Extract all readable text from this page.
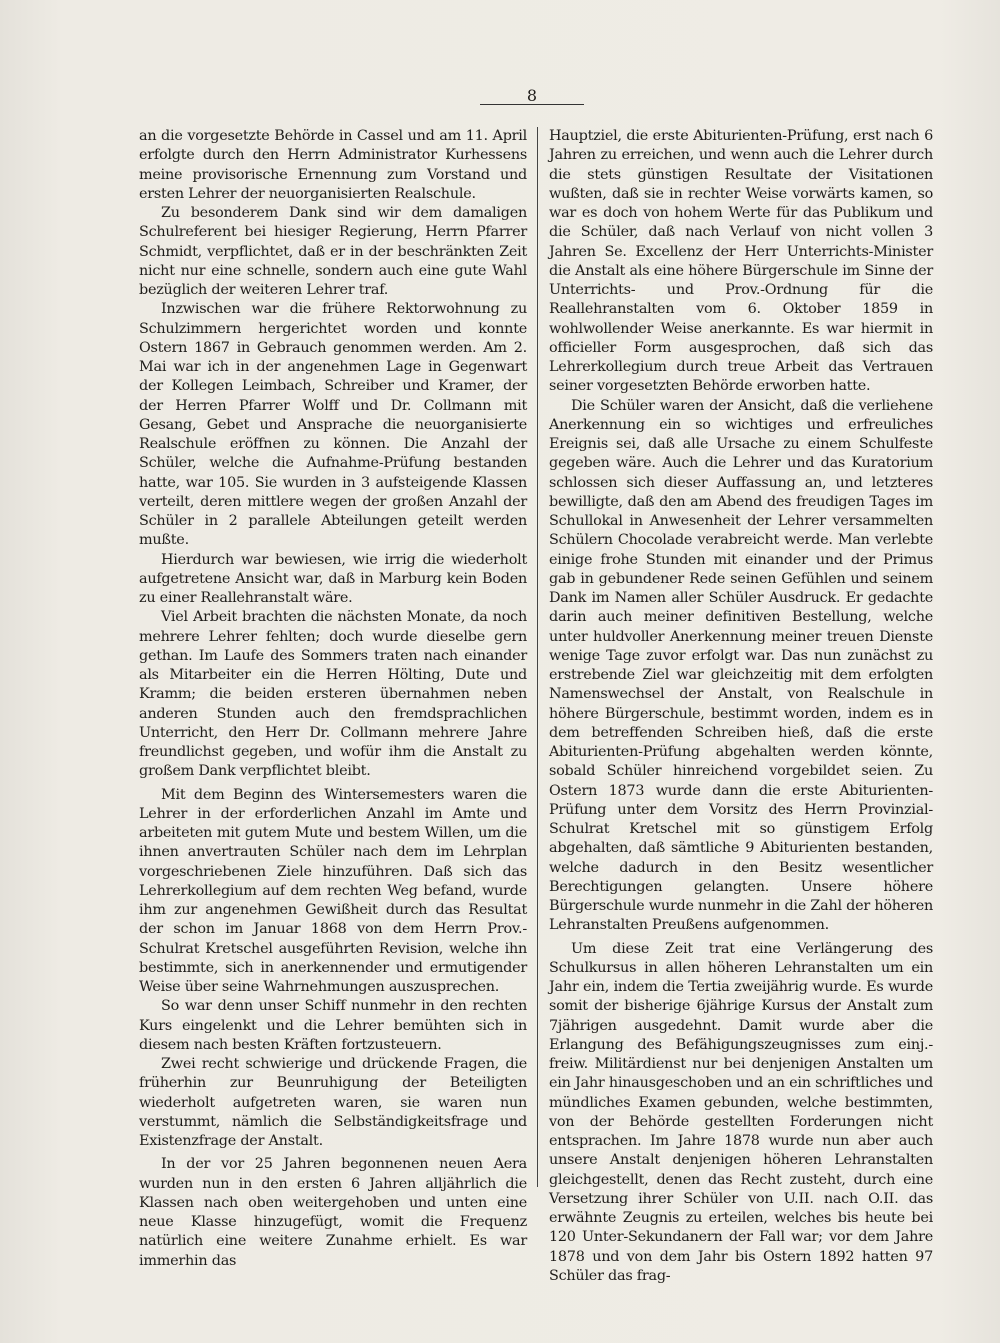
8

an die vorgesetzte Behörde in Cassel und am 11. April erfolgte durch den Herrn Administrator Kurhessens meine provisorische Ernennung zum Vorstand und ersten Lehrer der neuorganisierten Realschule.

Zu besonderem Dank sind wir dem damaligen Schulreferent bei hiesiger Regierung, Herrn Pfarrer Schmidt, verpflichtet, daß er in der beschränkten Zeit nicht nur eine schnelle, sondern auch eine gute Wahl bezüglich der weiteren Lehrer traf.

Inzwischen war die frühere Rektorwohnung zu Schulzimmern hergerichtet worden und konnte Ostern 1867 in Gebrauch genommen werden. Am 2. Mai war ich in der angenehmen Lage in Gegenwart der Kollegen Leimbach, Schreiber und Kramer, der der Herren Pfarrer Wolff und Dr. Collmann mit Gesang, Gebet und Ansprache die neuorganisierte Realschule eröffnen zu können. Die Anzahl der Schüler, welche die Aufnahme-Prüfung bestanden hatte, war 105. Sie wurden in 3 aufsteigende Klassen verteilt, deren mittlere wegen der großen Anzahl der Schüler in 2 parallele Abteilungen geteilt werden mußte.

Hierdurch war bewiesen, wie irrig die wiederholt aufgetretene Ansicht war, daß in Marburg kein Boden zu einer Reallehranstalt wäre.

Viel Arbeit brachten die nächsten Monate, da noch mehrere Lehrer fehlten; doch wurde dieselbe gern gethan. Im Laufe des Sommers traten nach einander als Mitarbeiter ein die Herren Hölting, Dute und Kramm; die beiden ersteren übernahmen neben anderen Stunden auch den fremdsprachlichen Unterricht, den Herr Dr. Collmann mehrere Jahre freundlichst gegeben, und wofür ihm die Anstalt zu großem Dank verpflichtet bleibt.

Mit dem Beginn des Wintersemesters waren die Lehrer in der erforderlichen Anzahl im Amte und arbeiteten mit gutem Mute und bestem Willen, um die ihnen anvertrauten Schüler nach dem im Lehrplan vorgeschriebenen Ziele hinzuführen. Daß sich das Lehrerkollegium auf dem rechten Weg befand, wurde ihm zur angenehmen Gewißheit durch das Resultat der schon im Januar 1868 von dem Herrn Prov.-Schulrat Kretschel ausgeführten Revision, welche ihn bestimmte, sich in anerkennender und ermutigender Weise über seine Wahrnehmungen auszusprechen.

So war denn unser Schiff nunmehr in den rechten Kurs eingelenkt und die Lehrer bemühten sich in diesem nach besten Kräften fortzusteuern.

Zwei recht schwierige und drückende Fragen, die früherhin zur Beunruhigung der Beteiligten wiederholt aufgetreten waren, sie waren nun verstummt, nämlich die Selbständigkeitsfrage und Existenzfrage der Anstalt.

In der vor 25 Jahren begonnenen neuen Aera wurden nun in den ersten 6 Jahren alljährlich die Klassen nach oben weitergehoben und unten eine neue Klasse hinzugefügt, womit die Frequenz natürlich eine weitere Zunahme erhielt. Es war immerhin das

Hauptziel, die erste Abiturienten-Prüfung, erst nach 6 Jahren zu erreichen, und wenn auch die Lehrer durch die stets günstigen Resultate der Visitationen wußten, daß sie in rechter Weise vorwärts kamen, so war es doch von hohem Werte für das Publikum und die Schüler, daß nach Verlauf von nicht vollen 3 Jahren Se. Excellenz der Herr Unterrichts-Minister die Anstalt als eine höhere Bürgerschule im Sinne der Unterrichts- und Prov.-Ordnung für die Reallehranstalten vom 6. Oktober 1859 in wohlwollender Weise anerkannte. Es war hiermit in officieller Form ausgesprochen, daß sich das Lehrerkollegium durch treue Arbeit das Vertrauen seiner vorgesetzten Behörde erworben hatte.

Die Schüler waren der Ansicht, daß die verliehene Anerkennung ein so wichtiges und erfreuliches Ereignis sei, daß alle Ursache zu einem Schulfeste gegeben wäre. Auch die Lehrer und das Kuratorium schlossen sich dieser Auffassung an, und letzteres bewilligte, daß den am Abend des freudigen Tages im Schullokal in Anwesenheit der Lehrer versammelten Schülern Chocolade verabreicht werde. Man verlebte einige frohe Stunden mit einander und der Primus gab in gebundener Rede seinen Gefühlen und seinem Dank im Namen aller Schüler Ausdruck. Er gedachte darin auch meiner definitiven Bestellung, welche unter huldvoller Anerkennung meiner treuen Dienste wenige Tage zuvor erfolgt war. Das nun zunächst zu erstrebende Ziel war gleichzeitig mit dem erfolgten Namenswechsel der Anstalt, von Realschule in höhere Bürgerschule, bestimmt worden, indem es in dem betreffenden Schreiben hieß, daß die erste Abiturienten-Prüfung abgehalten werden könnte, sobald Schüler hinreichend vorgebildet seien. Zu Ostern 1873 wurde dann die erste Abiturienten-Prüfung unter dem Vorsitz des Herrn Provinzial-Schulrat Kretschel mit so günstigem Erfolg abgehalten, daß sämtliche 9 Abiturienten bestanden, welche dadurch in den Besitz wesentlicher Berechtigungen gelangten. Unsere höhere Bürgerschule wurde nunmehr in die Zahl der höheren Lehranstalten Preußens aufgenommen.

Um diese Zeit trat eine Verlängerung des Schulkursus in allen höheren Lehranstalten um ein Jahr ein, indem die Tertia zweijährig wurde. Es wurde somit der bisherige 6jährige Kursus der Anstalt zum 7jährigen ausgedehnt. Damit wurde aber die Erlangung des Befähigungszeugnisses zum einj.-freiw. Militärdienst nur bei denjenigen Anstalten um ein Jahr hinausgeschoben und an ein schriftliches und mündliches Examen gebunden, welche bestimmten, von der Behörde gestellten Forderungen nicht entsprachen. Im Jahre 1878 wurde nun aber auch unsere Anstalt denjenigen höheren Lehranstalten gleichgestellt, denen das Recht zusteht, durch eine Versetzung ihrer Schüler von U.II. nach O.II. das erwähnte Zeugnis zu erteilen, welches bis heute bei 120 Unter-Sekundanern der Fall war; vor dem Jahre 1878 und von dem Jahr bis Ostern 1892 hatten 97 Schüler das frag-
